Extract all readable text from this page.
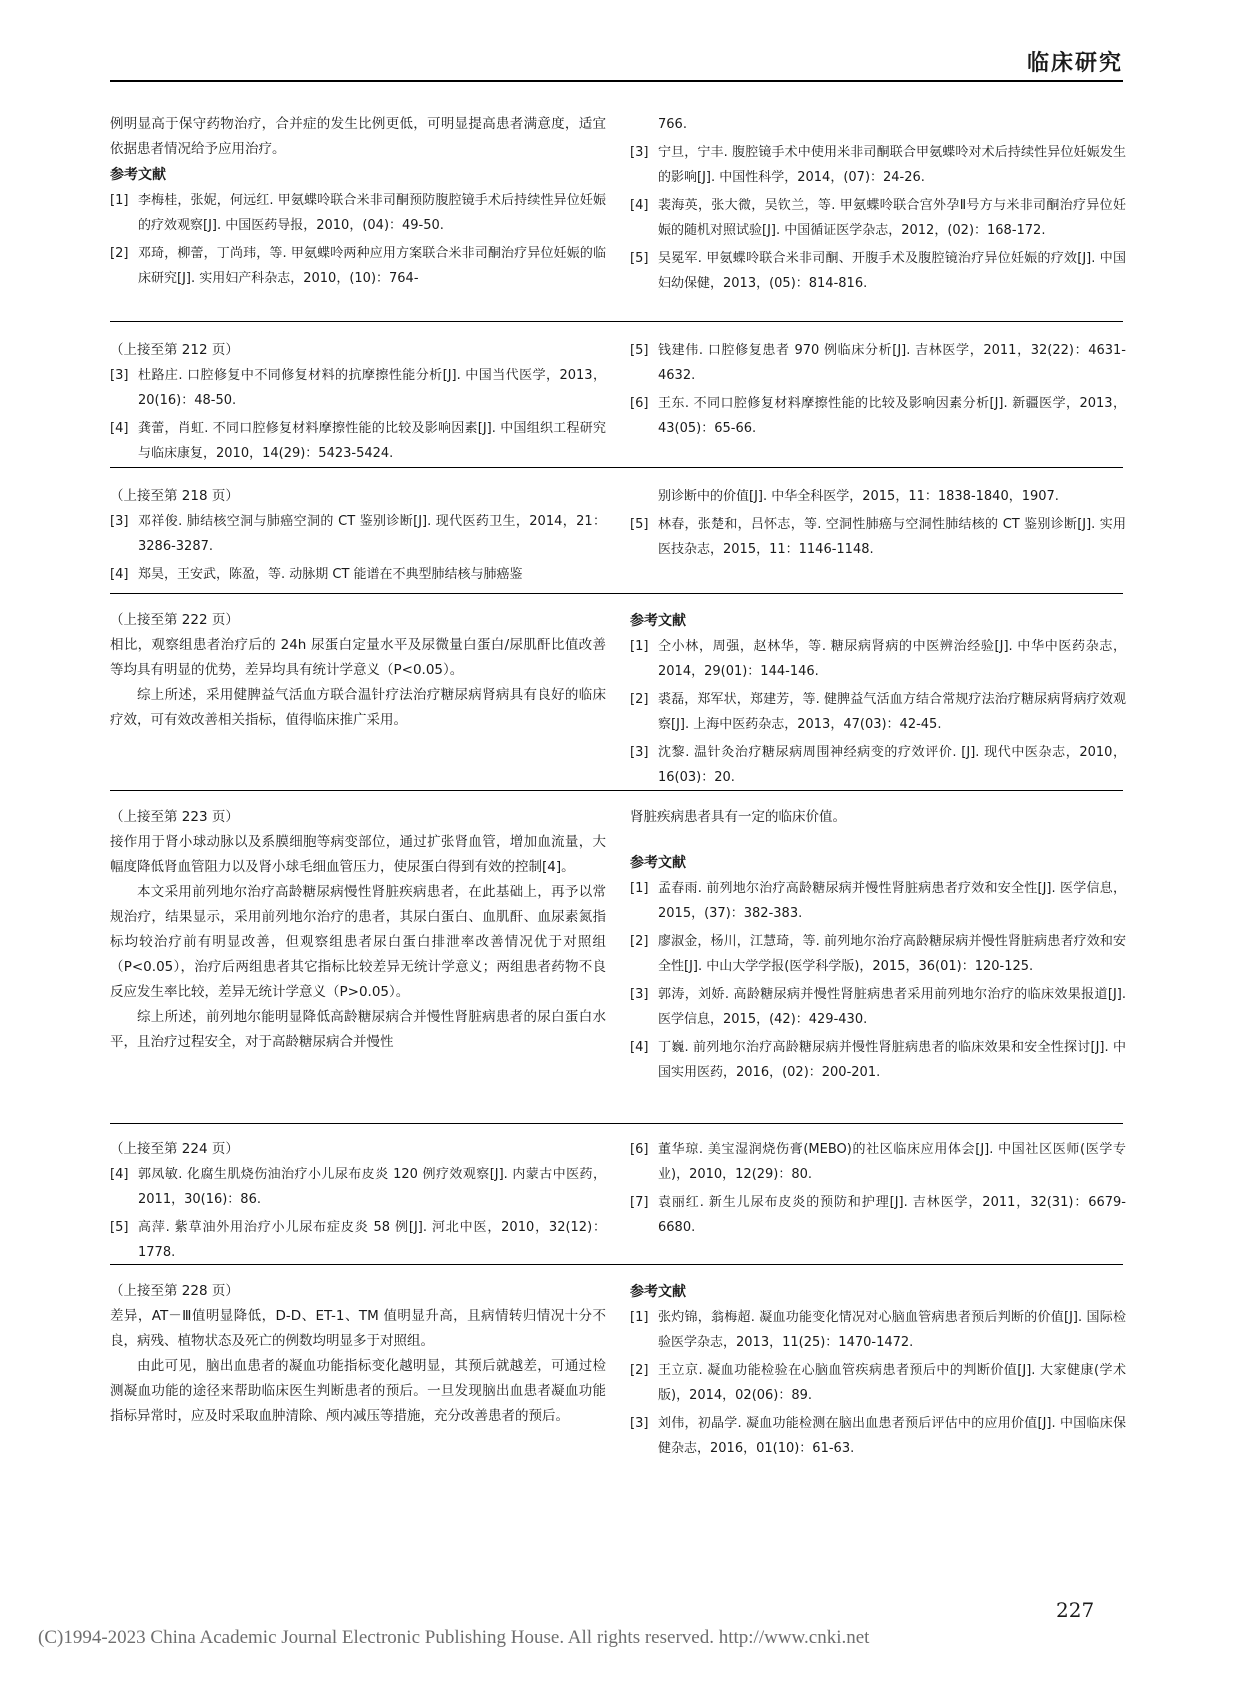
临床研究

例明显高于保守药物治疗，合并症的发生比例更低，可明显提高患者满意度，适宜依据患者情况给予应用治疗。

参考文献

[1] 李梅桂，张妮，何远红. 甲氨蝶呤联合米非司酮预防腹腔镜手术后持续性异位妊娠的疗效观察[J]. 中国医药导报，2010，(04)：49-50.
[2] 邓琦，柳蕾，丁尚玮，等. 甲氨蝶呤两种应用方案联合米非司酮治疗异位妊娠的临床研究[J]. 实用妇产科杂志，2010，(10)：764-
766.
[3] 宁旦，宁丰. 腹腔镜手术中使用米非司酮联合甲氨蝶呤对术后持续性异位妊娠发生的影响[J]. 中国性科学，2014，(07)：24-26.
[4] 裴海英，张大微，吴钦兰，等. 甲氨蝶呤联合宫外孕Ⅱ号方与米非司酮治疗异位妊娠的随机对照试验[J]. 中国循证医学杂志，2012，(02)：168-172.
[5] 吴冕军. 甲氨蝶呤联合米非司酮、开腹手术及腹腔镜治疗异位妊娠的疗效[J]. 中国妇幼保健，2013，(05)：814-816.

（上接至第 212 页）

[3] 杜路庄. 口腔修复中不同修复材料的抗摩擦性能分析[J]. 中国当代医学，2013，20(16)：48-50.
[4] 龚蕾，肖虹. 不同口腔修复材料摩擦性能的比较及影响因素[J]. 中国组织工程研究与临床康复，2010，14(29)：5423-5424.
[5] 钱建伟. 口腔修复患者 970 例临床分析[J]. 吉林医学，2011，32(22)：4631-4632.
[6] 王东. 不同口腔修复材料摩擦性能的比较及影响因素分析[J]. 新疆医学，2013，43(05)：65-66.

（上接至第 218 页）

[3] 邓祥俊. 肺结核空洞与肺癌空洞的 CT 鉴别诊断[J]. 现代医药卫生，2014，21：3286-3287.
[4] 郑昊，王安武，陈盈，等. 动脉期 CT 能谱在不典型肺结核与肺癌鉴
别诊断中的价值[J]. 中华全科医学，2015，11：1838-1840，1907.
[5] 林春，张楚和，吕怀志，等. 空洞性肺癌与空洞性肺结核的 CT 鉴别诊断[J]. 实用医技杂志，2015，11：1146-1148.

（上接至第 222 页）

相比，观察组患者治疗后的 24h 尿蛋白定量水平及尿微量白蛋白/尿肌酐比值改善等均具有明显的优势，差异均具有统计学意义（P<0.05）。

综上所述，采用健脾益气活血方联合温针疗法治疗糖尿病肾病具有良好的临床疗效，可有效改善相关指标，值得临床推广采用。

参考文献

[1] 仝小林，周强，赵林华，等. 糖尿病肾病的中医辨治经验[J]. 中华中医药杂志，2014，29(01)：144-146.
[2] 裘磊，郑军状，郑建芳，等. 健脾益气活血方结合常规疗法治疗糖尿病肾病疗效观察[J]. 上海中医药杂志，2013，47(03)：42-45.
[3] 沈黎. 温针灸治疗糖尿病周围神经病变的疗效评价. [J]. 现代中医杂志，2010，16(03)：20.

（上接至第 223 页）

接作用于肾小球动脉以及系膜细胞等病变部位，通过扩张肾血管，增加血流量，大幅度降低肾血管阻力以及肾小球毛细血管压力，使尿蛋白得到有效的控制[4]。

本文采用前列地尔治疗高龄糖尿病慢性肾脏疾病患者，在此基础上，再予以常规治疗，结果显示，采用前列地尔治疗的患者，其尿白蛋白、血肌酐、血尿素氮指标均较治疗前有明显改善，但观察组患者尿白蛋白排泄率改善情况优于对照组（P<0.05），治疗后两组患者其它指标比较差异无统计学意义；两组患者药物不良反应发生率比较，差异无统计学意义（P>0.05）。

综上所述，前列地尔能明显降低高龄糖尿病合并慢性肾脏病患者的尿白蛋白水平，且治疗过程安全，对于高龄糖尿病合并慢性

肾脏疾病患者具有一定的临床价值。

参考文献

[1] 孟春雨. 前列地尔治疗高龄糖尿病并慢性肾脏病患者疗效和安全性[J]. 医学信息，2015，(37)：382-383.
[2] 廖淑金，杨川，江慧琦，等. 前列地尔治疗高龄糖尿病并慢性肾脏病患者疗效和安全性[J]. 中山大学学报(医学科学版)，2015，36(01)：120-125.
[3] 郭涛，刘娇. 高龄糖尿病并慢性肾脏病患者采用前列地尔治疗的临床效果报道[J]. 医学信息，2015，(42)：429-430.
[4] 丁巍. 前列地尔治疗高龄糖尿病并慢性肾脏病患者的临床效果和安全性探讨[J]. 中国实用医药，2016，(02)：200-201.

（上接至第 224 页）

[4] 郭凤敏. 化腐生肌烧伤油治疗小儿尿布皮炎 120 例疗效观察[J]. 内蒙古中医药，2011，30(16)：86.
[5] 高萍. 紫草油外用治疗小儿尿布症皮炎 58 例[J]. 河北中医，2010，32(12)：1778.
[6] 董华琼. 美宝湿润烧伤膏(MEBO)的社区临床应用体会[J]. 中国社区医师(医学专业)，2010，12(29)：80.
[7] 袁丽红. 新生儿尿布皮炎的预防和护理[J]. 吉林医学，2011，32(31)：6679-6680.

（上接至第 228 页）

差异，AT－Ⅲ值明显降低，D-D、ET-1、TM 值明显升高，且病情转归情况十分不良，病残、植物状态及死亡的例数均明显多于对照组。

由此可见，脑出血患者的凝血功能指标变化越明显，其预后就越差，可通过检测凝血功能的途径来帮助临床医生判断患者的预后。一旦发现脑出血患者凝血功能指标异常时，应及时采取血肿清除、颅内减压等措施，充分改善患者的预后。

参考文献

[1] 张灼锦，翁梅超. 凝血功能变化情况对心脑血管病患者预后判断的价值[J]. 国际检验医学杂志，2013，11(25)：1470-1472.
[2] 王立京. 凝血功能检验在心脑血管疾病患者预后中的判断价值[J]. 大家健康(学术版)，2014，02(06)：89.
[3] 刘伟，初晶学. 凝血功能检测在脑出血患者预后评估中的应用价值[J]. 中国临床保健杂志，2016，01(10)：61-63.
227
(C)1994-2023 China Academic Journal Electronic Publishing House. All rights reserved. http://www.cnki.net
